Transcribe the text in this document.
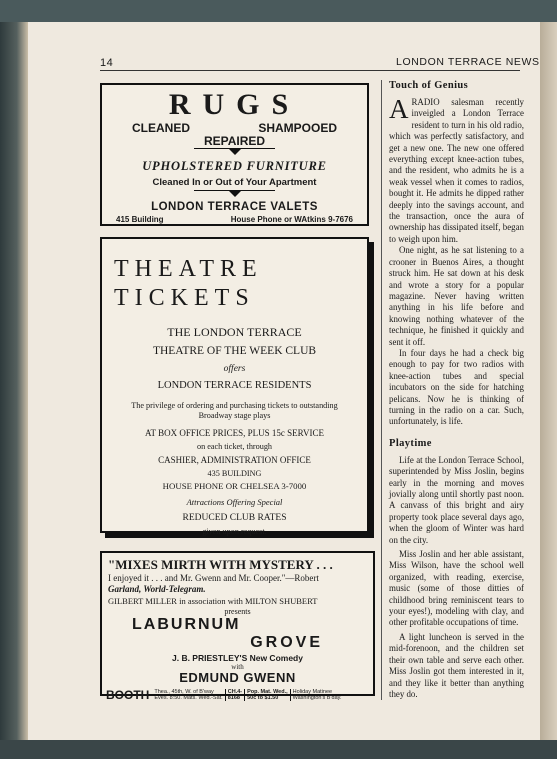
14	LONDON TERRACE NEWS
RUGS
CLEANED	SHAMPOOED
REPAIRED
UPHOLSTERED FURNITURE
Cleaned In or Out of Your Apartment
LONDON TERRACE VALETS
415 Building	House Phone or WAtkins 9-7676
THEATRE
TICKETS
THE LONDON TERRACE
THEATRE OF THE WEEK CLUB
offers
LONDON TERRACE RESIDENTS
The privilege of ordering and purchasing tickets to outstanding
Broadway stage plays
AT BOX OFFICE PRICES, PLUS 15c SERVICE
on each ticket, through
CASHIER, ADMINISTRATION OFFICE
435 BUILDING
HOUSE PHONE OR CHELSEA 3-7000
Attractions Offering Special
REDUCED CLUB RATES
given upon request.
"MIXES MIRTH WITH MYSTERY . . .
I enjoyed it . . . and Mr. Gwenn and Mr. Cooper."—Robert
Garland, World-Telegram.
GILBERT MILLER in association with MILTON SHUBERT
presents
LABURNUM
GROVE
J. B. PRIESTLEY'S New Comedy
with
EDMUND GWENN
BOOTH Thea., 45th, W. of B'way
Eves. 8:50. Mats. Wed.-Sat.
CH.4-
8168
Pop. Mat. Wed.,
50c to $1.50
Holiday Matinee
Washington's B'day.
Touch of Genius

ARADIO salesman recently inveigled a London Terrace resident to turn in his old radio, which was perfectly satisfactory, and get a new one. The new one offered everything except knee-action tubes, and the resident, who admits he is a weak vessel when it comes to radios, bought it. He admits he dipped rather deeply into the savings account, and the transaction, once the aura of ownership has dissipated itself, began to weigh upon him.

One night, as he sat listening to a crooner in Buenos Aires, a thought struck him. He sat down at his desk and wrote a story for a popular magazine. Never having written anything in his life before and knowing nothing whatever of the technique, he finished it quickly and sent it off.

In four days he had a check big enough to pay for two radios with knee-action tubes and special incubators on the side for hatching pelicans. Now he is thinking of turning in the radio on a car. Such, unfortunately, is life.

Playtime

Life at the London Terrace School, superintended by Miss Joslin, begins early in the morning and moves jovially along until shortly past noon. A canvass of this bright and airy property took place several days ago, when the gloom of Winter was hard on the city.

Miss Joslin and her able assistant, Miss Wilson, have the school well organized, with reading, exercise, music (some of those ditties of childhood bring reminiscent tears to your eyes!), modeling with clay, and other profitable occupations of time.

A light luncheon is served in the mid-forenoon, and the children set their own table and serve each other. Miss Joslin got them interested in it, and they like it better than anything they do.
